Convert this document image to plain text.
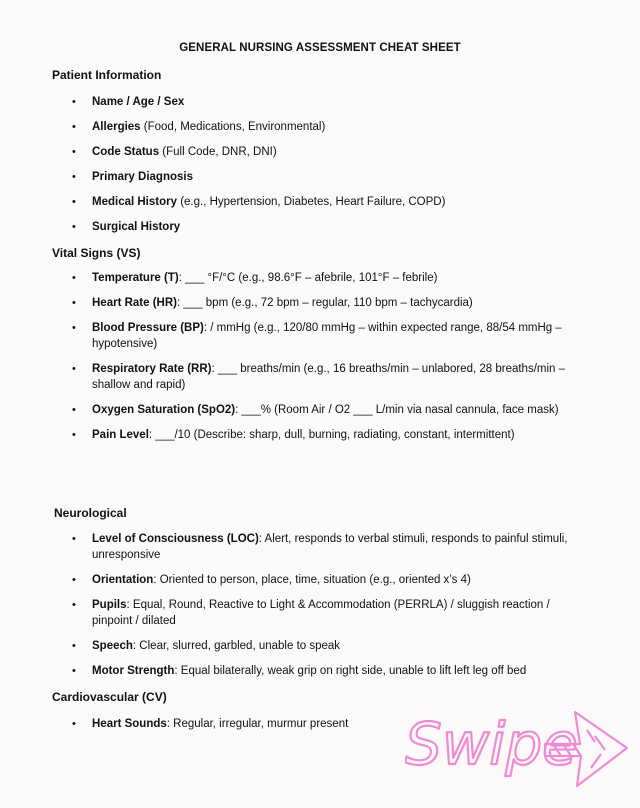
GENERAL NURSING ASSESSMENT CHEAT SHEET
Patient Information
• Name / Age / Sex
• Allergies (Food, Medications, Environmental)
• Code Status (Full Code, DNR, DNI)
• Primary Diagnosis
• Medical History (e.g., Hypertension, Diabetes, Heart Failure, COPD)
• Surgical History
Vital Signs (VS)
• Temperature (T): ___ °F/°C (e.g., 98.6°F – afebrile, 101°F – febrile)
• Heart Rate (HR): ___ bpm (e.g., 72 bpm – regular, 110 bpm – tachycardia)
• Blood Pressure (BP): / mmHg (e.g., 120/80 mmHg – within expected range, 88/54 mmHg – hypotensive)
• Respiratory Rate (RR): ___ breaths/min (e.g., 16 breaths/min – unlabored, 28 breaths/min – shallow and rapid)
• Oxygen Saturation (SpO2): ___% (Room Air / O2 ___ L/min via nasal cannula, face mask)
• Pain Level: ___/10 (Describe: sharp, dull, burning, radiating, constant, intermittent)
Neurological
• Level of Consciousness (LOC): Alert, responds to verbal stimuli, responds to painful stimuli, unresponsive
• Orientation: Oriented to person, place, time, situation (e.g., oriented x’s 4)
• Pupils: Equal, Round, Reactive to Light & Accommodation (PERRLA) / sluggish reaction / pinpoint / dilated
• Speech: Clear, slurred, garbled, unable to speak
• Motor Strength: Equal bilaterally, weak grip on right side, unable to lift left leg off bed
Cardiovascular (CV)
• Heart Sounds: Regular, irregular, murmur present Swipe
